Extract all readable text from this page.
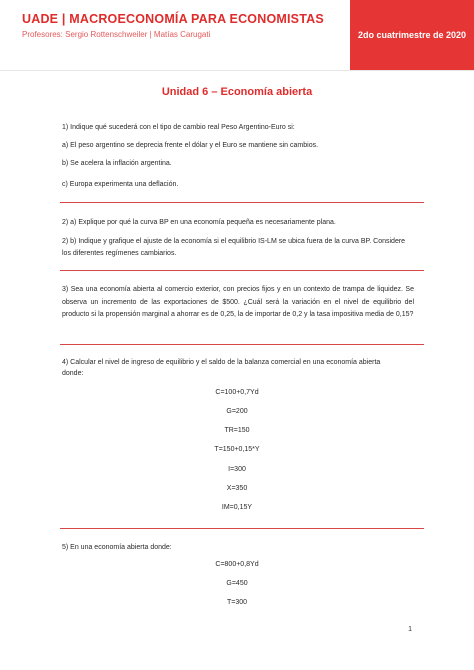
UADE | MACROECONOMÍA PARA ECONOMISTAS
Profesores: Sergio Rottenschweiler | Matías Carugati	2do cuatrimestre de 2020
Unidad 6 – Economía abierta
1) Indique qué sucederá con el tipo de cambio real Peso Argentino-Euro si:
a) El peso argentino se deprecia frente el dólar y el Euro se mantiene sin cambios.
b) Se acelera la inflación argentina.
c) Europa experimenta una deflación.
2) a) Explique por qué la curva BP en una economía pequeña es necesariamente plana.
2) b) Indique y grafique el ajuste de la economía si el equilibrio IS-LM se ubica fuera de la curva BP. Considere
los diferentes regímenes cambiarios.
3) Sea una economía abierta al comercio exterior, con precios fijos y en un contexto de trampa de liquidez. Se observa un incremento de las exportaciones de $500. ¿Cuál será la variación en el nivel de equilibrio del producto si la propensión marginal a ahorrar es de 0,25, la de importar de 0,2 y la tasa impositiva media de 0,15?
4) Calcular el nivel de ingreso de equilibrio y el saldo de la balanza comercial en una economía abierta
donde:
C=100+0,7Yd
G=200
TR=150
T=150+0,15*Y
I=300
X=350
IM=0,15Y
5) En una economía abierta donde:
C=800+0,8Yd
G=450
T=300
1
